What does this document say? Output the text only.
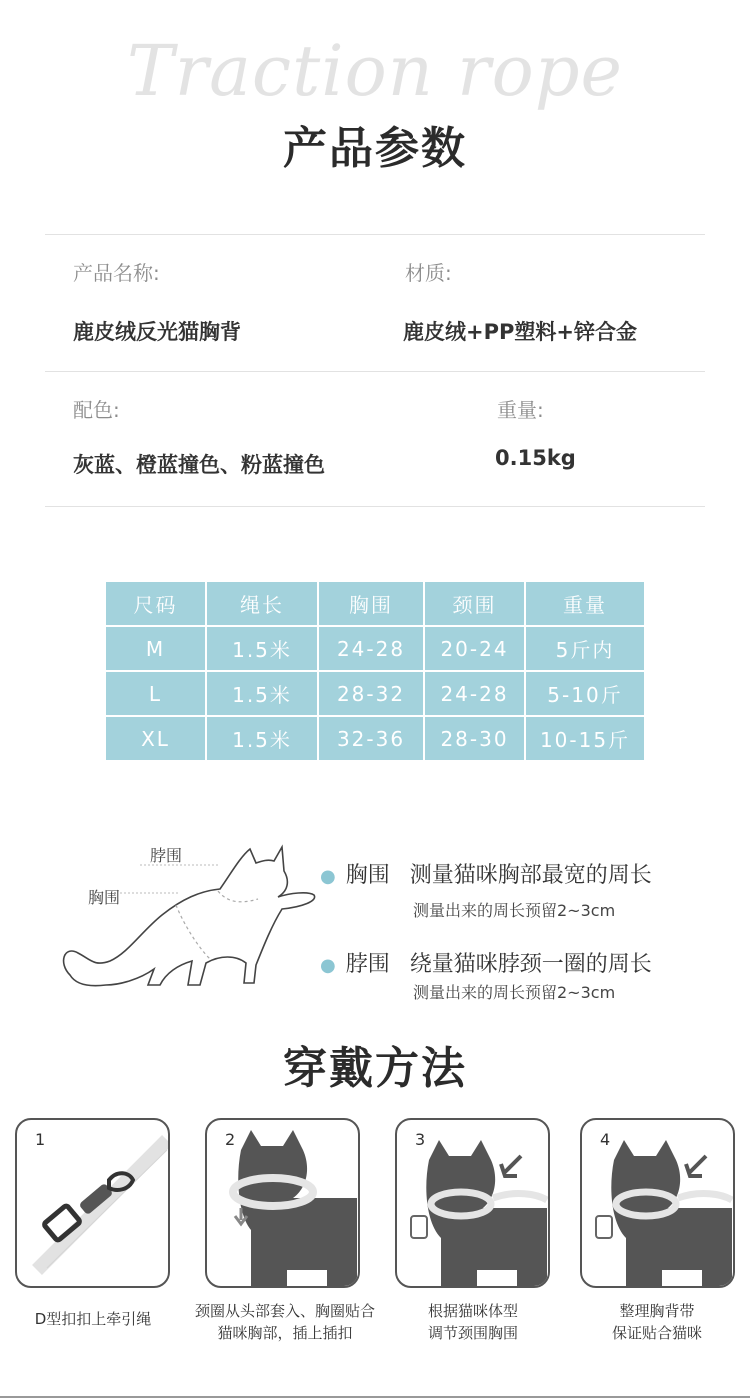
Traction rope
产品参数
产品名称:	材质:
鹿皮绒反光猫胸背	鹿皮绒+PP塑料+锌合金
配色:	重量:
灰蓝、橙蓝撞色、粉蓝撞色	0.15kg
尺码	绳长	胸围	颈围	重量
M	1.5米	24-28	20-24	5斤内
L	1.5米	28-32	24-28	5-10斤
XL	1.5米	32-36	28-30	10-15斤
脖围
胸围
● 胸围 测量猫咪胸部最宽的周长
测量出来的周长预留2~3cm
● 脖围 绕量猫咪脖颈一圈的周长
测量出来的周长预留2~3cm
穿戴方法
1	2
⟺
3	4
D型扣扣上牵引绳	颈圈从头部套入、胸圈贴合
猫咪胸部，插上插扣
根据猫咪体型
调节颈围胸围
整理胸背带
保证贴合猫咪
